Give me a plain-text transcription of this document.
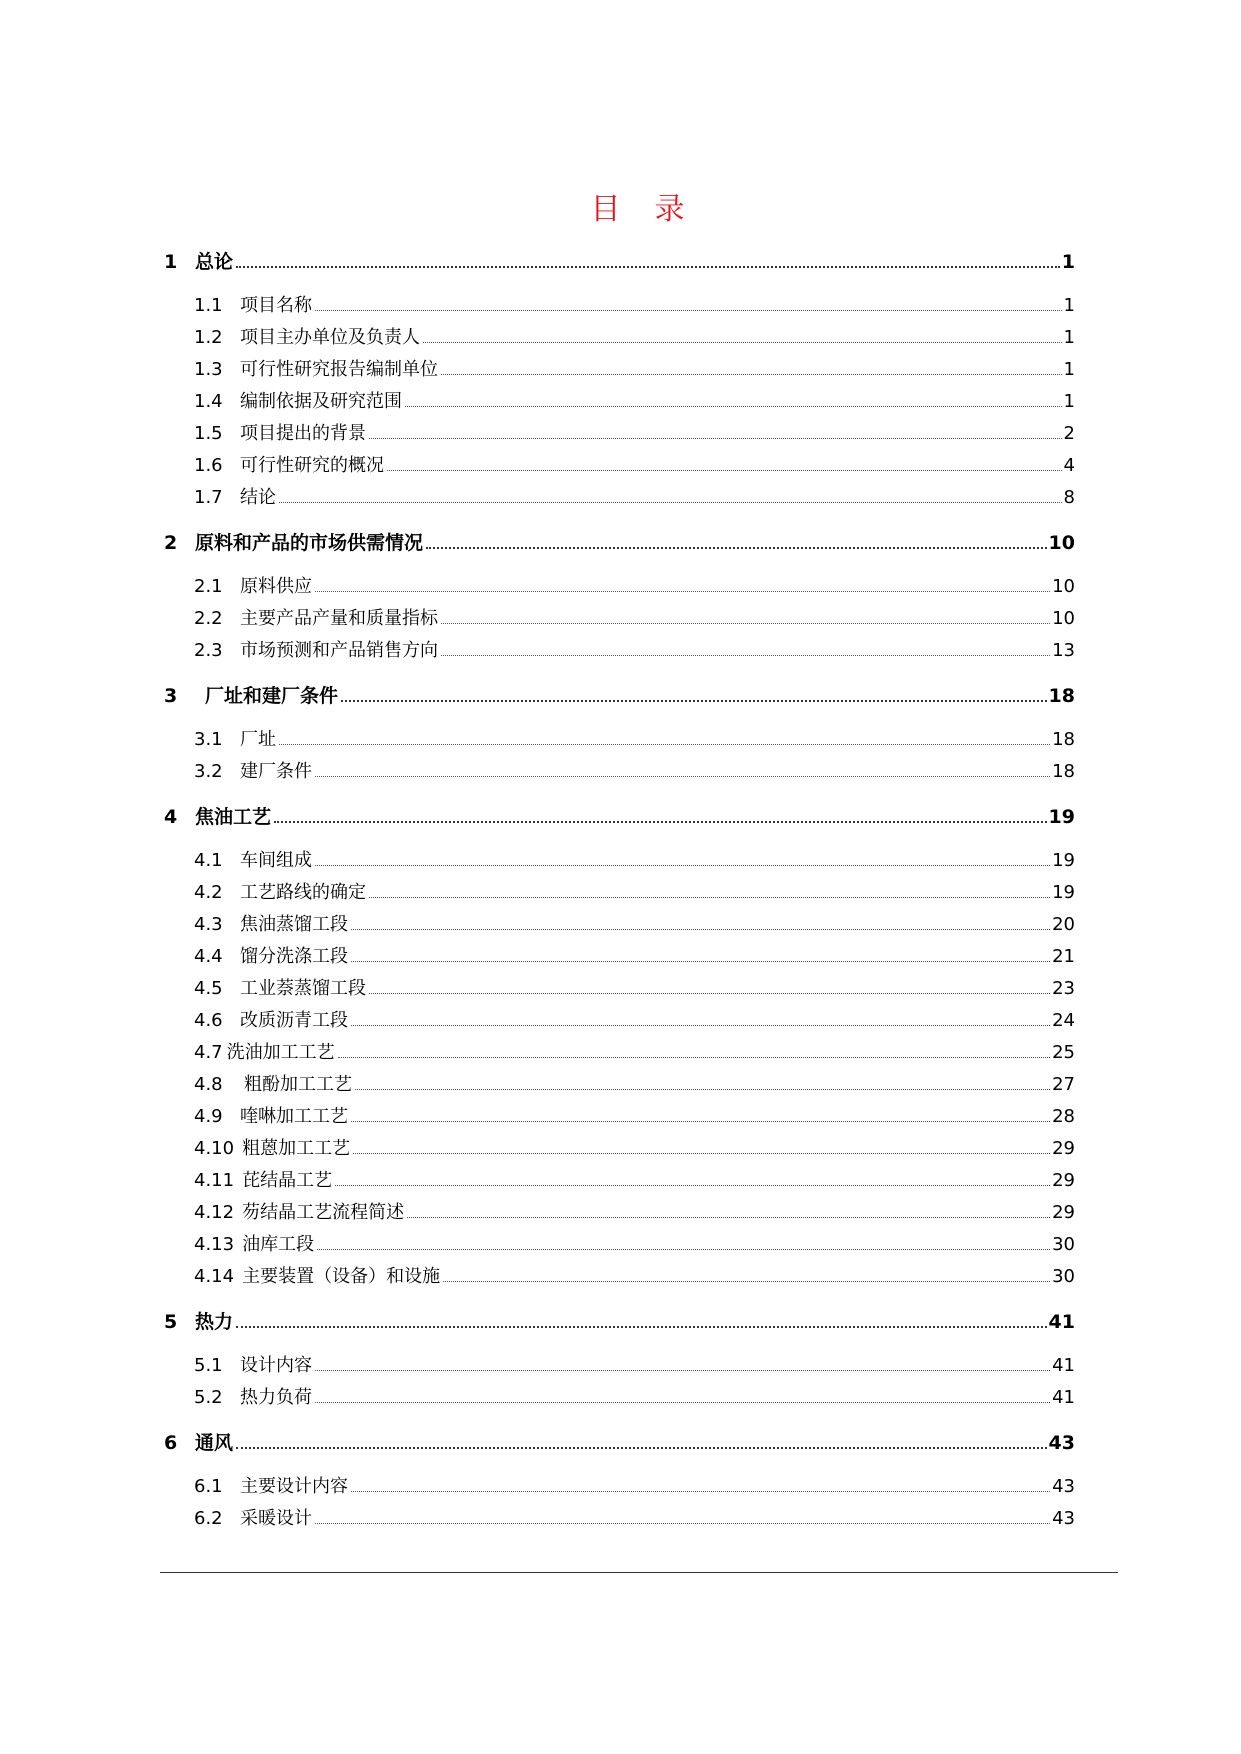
目录
1 总论	1
1.1 项目名称	1
1.2 项目主办单位及负责人	1
1.3 可行性研究报告编制单位	1
1.4 编制依据及研究范围	1
1.5 项目提出的背景	2
1.6 可行性研究的概况	4
1.7 结论	8
2 原料和产品的市场供需情况	10
2.1 原料供应	10
2.2 主要产品产量和质量指标	10
2.3 市场预测和产品销售方向	13
3	厂址和建厂条件	18
3.1 厂址	18
3.2 建厂条件	18
4 焦油工艺	19
4.1 车间组成	19
4.2 工艺路线的确定	19
4.3 焦油蒸馏工段	20
4.4 馏分洗涤工段	21
4.5 工业萘蒸馏工段	23
4.6 改质沥青工段	24
4.7 洗油加工工艺	25
4.8	粗酚加工工艺	27
4.9 喹啉加工工艺	28
4.10 粗蒽加工工艺	29
4.11 芘结晶工艺	29
4.12 芴结晶工艺流程简述	29
4.13 油库工段	30
4.14 主要装置（设备）和设施	30
5 热力	41
5.1 设计内容	41
5.2 热力负荷	41
6 通风	43
6.1 主要设计内容	43
6.2 采暖设计	43
